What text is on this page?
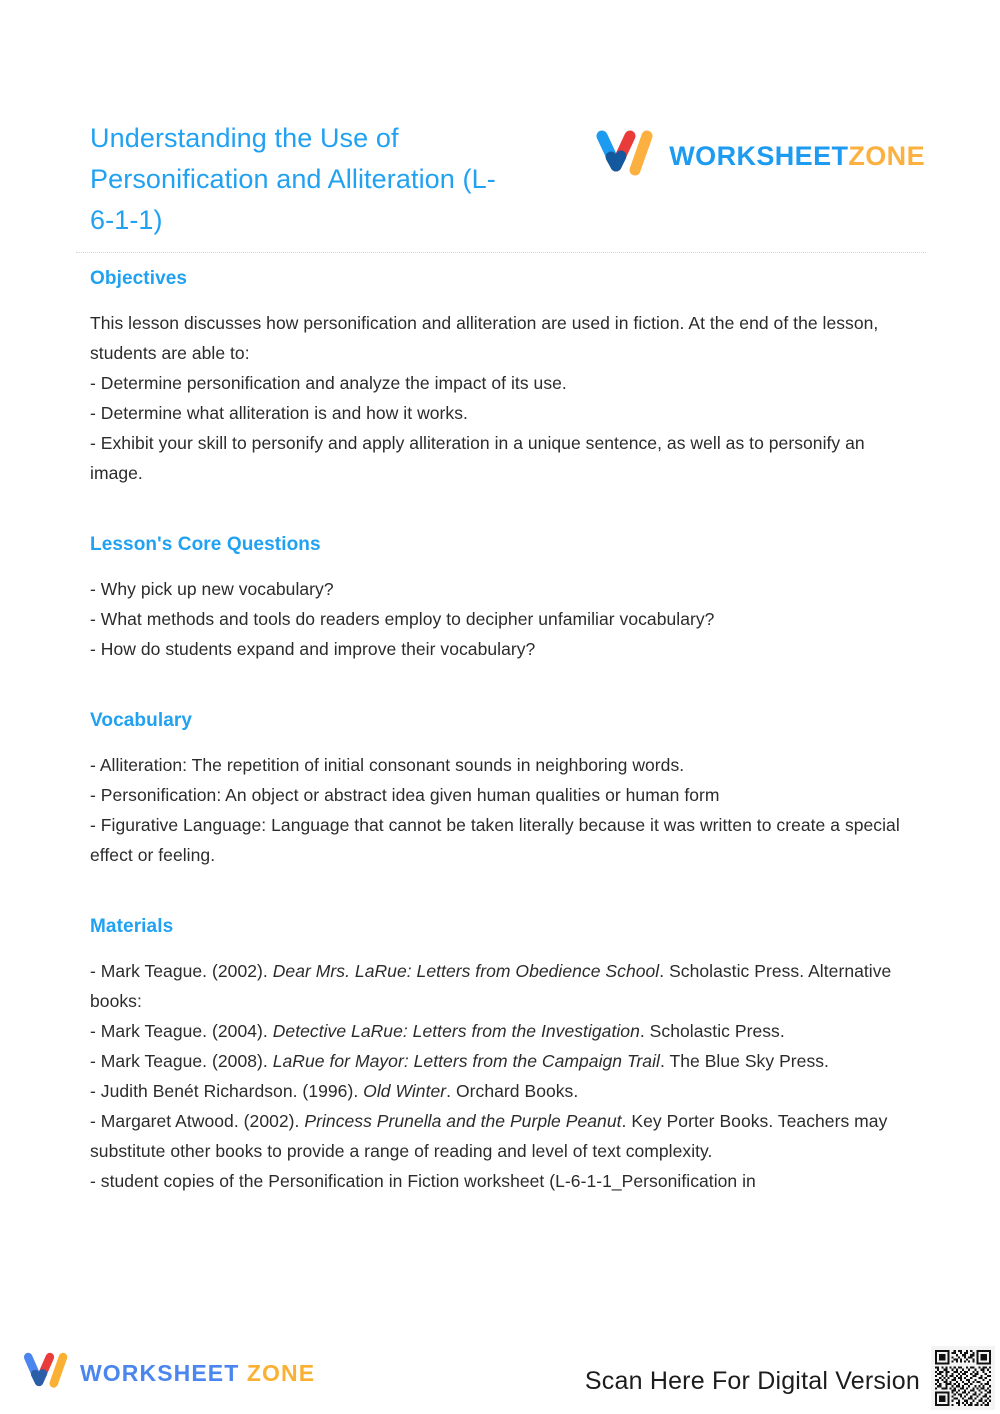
Understanding the Use of Personification and Alliteration (L-6-1-1)
WORKSHEETZONE
Objectives

This lesson discusses how personification and alliteration are used in fiction. At the end of the lesson, students are able to:

- Determine personification and analyze the impact of its use.

- Determine what alliteration is and how it works.

- Exhibit your skill to personify and apply alliteration in a unique sentence, as well as to personify an image.

Lesson's Core Questions

- Why pick up new vocabulary?

- What methods and tools do readers employ to decipher unfamiliar vocabulary?

- How do students expand and improve their vocabulary?

Vocabulary

- Alliteration: The repetition of initial consonant sounds in neighboring words.

- Personification: An object or abstract idea given human qualities or human form

- Figurative Language: Language that cannot be taken literally because it was written to create a special effect or feeling.

Materials

- Mark Teague. (2002). Dear Mrs. LaRue: Letters from Obedience School. Scholastic Press. Alternative books:

- Mark Teague. (2004). Detective LaRue: Letters from the Investigation. Scholastic Press.

- Mark Teague. (2008). LaRue for Mayor: Letters from the Campaign Trail. The Blue Sky Press.

- Judith Benét Richardson. (1996). Old Winter. Orchard Books.

- Margaret Atwood. (2002). Princess Prunella and the Purple Peanut. Key Porter Books. Teachers may substitute other books to provide a range of reading and level of text complexity.

- student copies of the Personification in Fiction worksheet (L-6-1-1_Personification in

WORKSHEET ZONE	Scan Here For Digital Version
